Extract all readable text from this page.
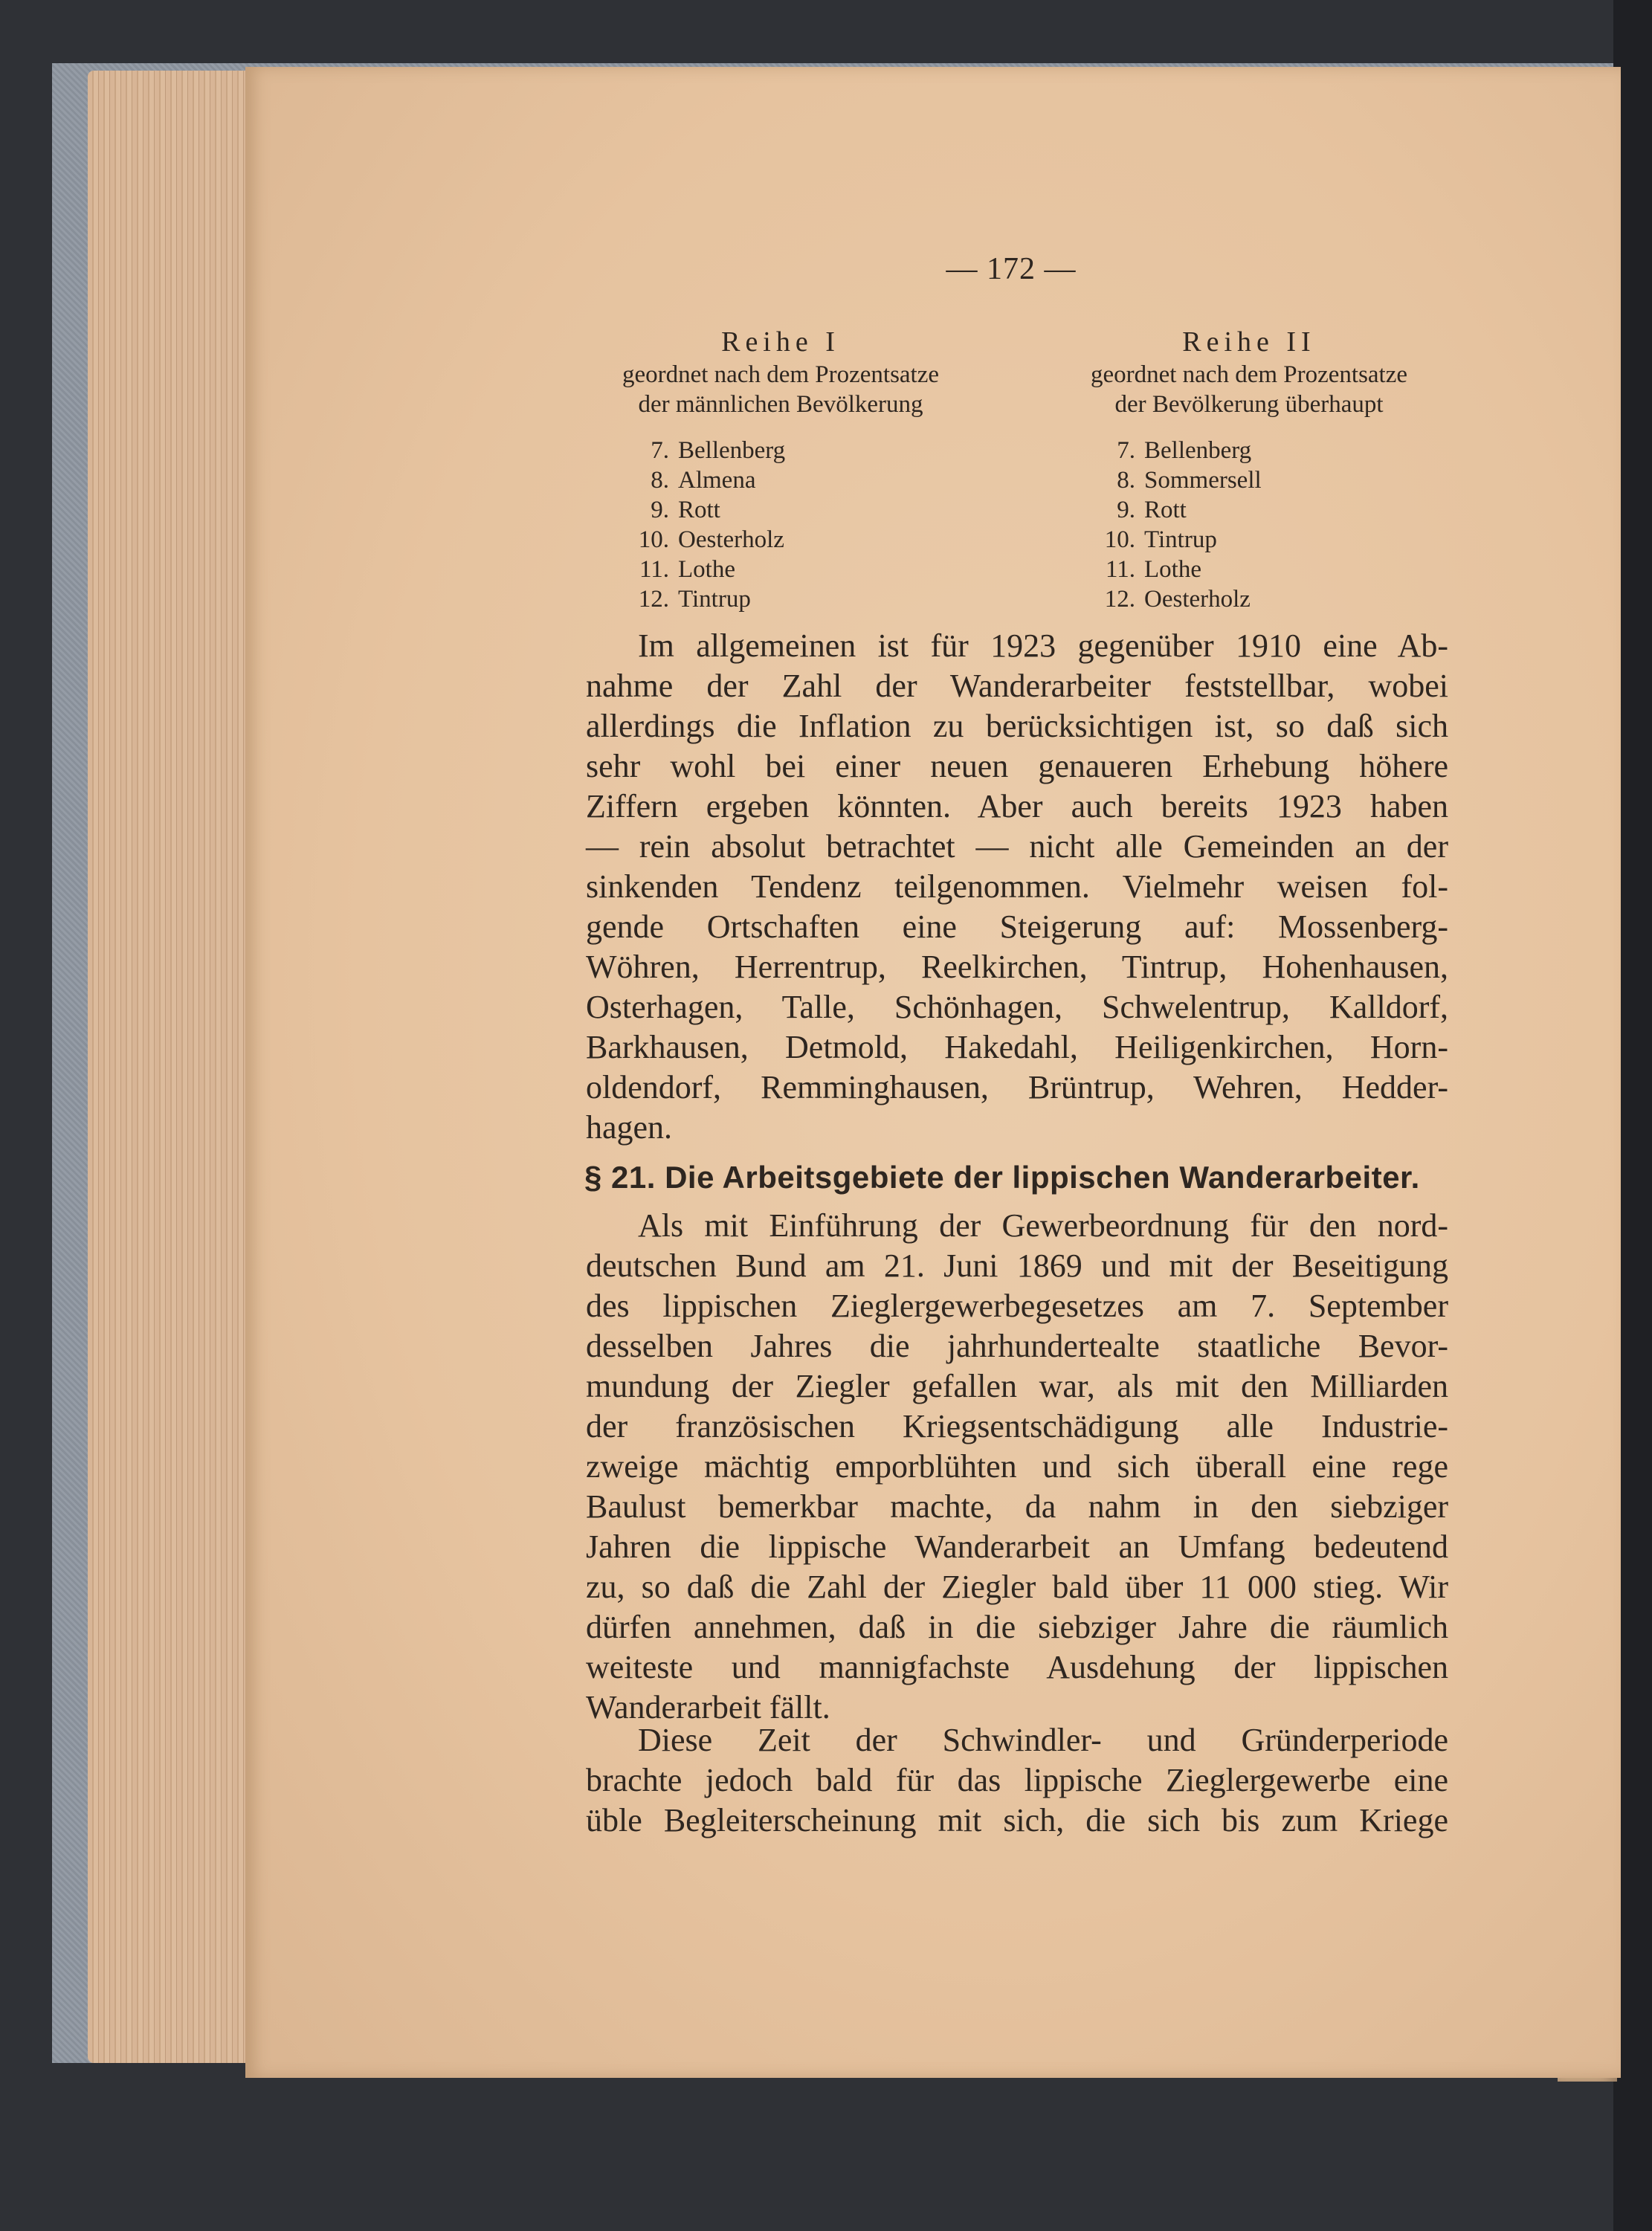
— 172 —
Reihe I
geordnet nach dem Prozentsatze
der männlichen Bevölkerung
Reihe II
geordnet nach dem Prozentsatze
der Bevölkerung überhaupt
7. Bellenberg
8. Almena
9. Rott
10. Oesterholz
11. Lothe
12. Tintrup
7. Bellenberg
8. Sommersell
9. Rott
10. Tintrup
11. Lothe
12. Oesterholz

Im allgemeinen ist für 1923 gegenüber 1910 eine Ab-
nahme der Zahl der Wanderarbeiter feststellbar, wobei
allerdings die Inflation zu berücksichtigen ist, so daß sich
sehr wohl bei einer neuen genaueren Erhebung höhere
Ziffern ergeben könnten. Aber auch bereits 1923 haben
— rein absolut betrachtet — nicht alle Gemeinden an der
sinkenden Tendenz teilgenommen. Vielmehr weisen fol-
gende Ortschaften eine Steigerung auf: Mossenberg-
Wöhren, Herrentrup, Reelkirchen, Tintrup, Hohenhausen,
Osterhagen, Talle, Schönhagen, Schwelentrup, Kalldorf,
Barkhausen, Detmold, Hakedahl, Heiligenkirchen, Horn-
oldendorf, Remminghausen, Brüntrup, Wehren, Hedder-
hagen.

§ 21. Die Arbeitsgebiete der lippischen Wanderarbeiter.

Als mit Einführung der Gewerbeordnung für den nord-
deutschen Bund am 21. Juni 1869 und mit der Beseitigung
des lippischen Zieglergewerbegesetzes am 7. September
desselben Jahres die jahrhundertealte staatliche Bevor-
mundung der Ziegler gefallen war, als mit den Milliarden
der französischen Kriegsentschädigung alle Industrie-
zweige mächtig emporblühten und sich überall eine rege
Baulust bemerkbar machte, da nahm in den siebziger
Jahren die lippische Wanderarbeit an Umfang bedeutend
zu, so daß die Zahl der Ziegler bald über 11 000 stieg. Wir
dürfen annehmen, daß in die siebziger Jahre die räumlich
weiteste und mannigfachste Ausdehung der lippischen
Wanderarbeit fällt.

Diese Zeit der Schwindler- und Gründerperiode
brachte jedoch bald für das lippische Zieglergewerbe eine
üble Begleiterscheinung mit sich, die sich bis zum Kriege
